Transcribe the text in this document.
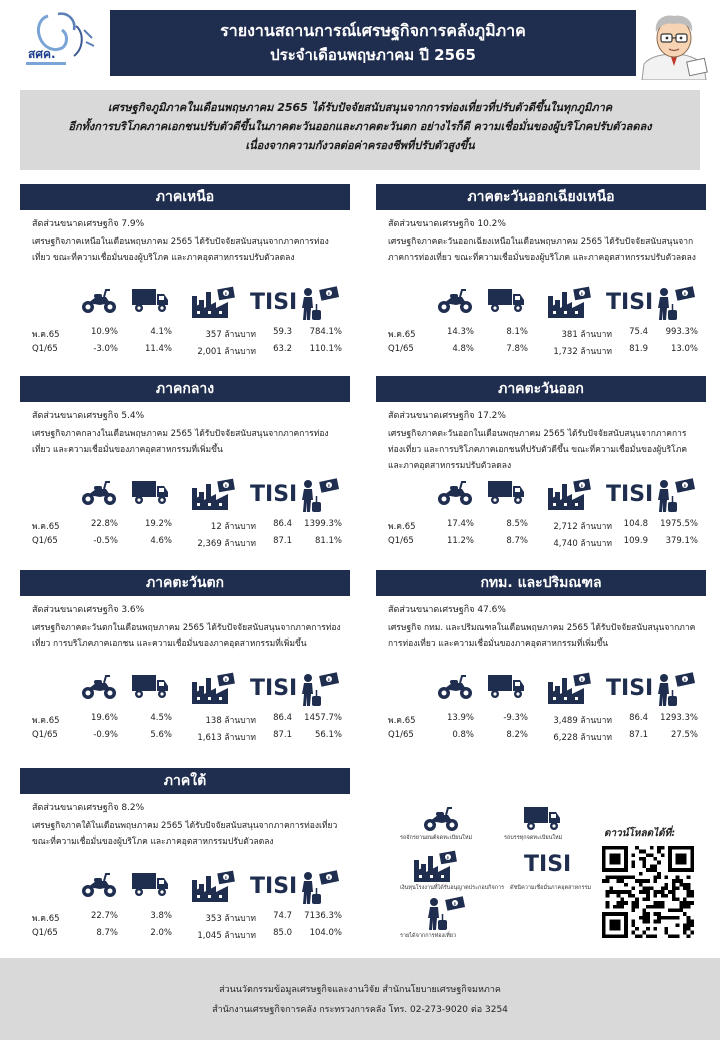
สศค.
รายงานสถานการณ์เศรษฐกิจการคลังภูมิภาค
ประจำเดือนพฤษภาคม ปี 2565
เศรษฐกิจภูมิภาคในเดือนพฤษภาคม 2565 ได้รับปัจจัยสนับสนุนจากการท่องเที่ยวที่ปรับตัวดีขึ้นในทุกภูมิภาค
อีกทั้งการบริโภคภาคเอกชนปรับตัวดีขึ้นในภาคตะวันออกและภาคตะวันตก อย่างไรก็ดี ความเชื่อมั่นของผู้บริโภคปรับตัวลดลง
เนื่องจากความกังวลต่อค่าครองชีพที่ปรับตัวสูงขึ้น
ภาคเหนือ
สัดส่วนขนาดเศรษฐกิจ 7.9%
เศรษฐกิจภาคเหนือในเดือนพฤษภาคม 2565 ได้รับปัจจัยสนับสนุนจากภาคการท่องเที่ยว ขณะที่ความเชื่อมั่นของผู้บริโภค และภาคอุตสาหกรรมปรับตัวลดลง
฿ TISI	฿
พ.ค.65	10.9%	4.1%	357 ล้านบาท	59.3	784.1%
Q1/65	-3.0%	11.4%	2,001 ล้านบาท	63.2	110.1%
ภาคตะวันออกเฉียงเหนือ
สัดส่วนขนาดเศรษฐกิจ 10.2%
เศรษฐกิจภาคตะวันออกเฉียงเหนือในเดือนพฤษภาคม 2565 ได้รับปัจจัยสนับสนุนจากภาคการท่องเที่ยว ขณะที่ความเชื่อมั่นของผู้บริโภค และภาคอุตสาหกรรมปรับตัวลดลง
฿ TISI	฿
พ.ค.65	14.3%	8.1%	381 ล้านบาท	75.4	993.3%
Q1/65	4.8%	7.8%	1,732 ล้านบาท	81.9	13.0%
ภาคกลาง
สัดส่วนขนาดเศรษฐกิจ 5.4%
เศรษฐกิจภาคกลางในเดือนพฤษภาคม 2565 ได้รับปัจจัยสนับสนุนจากภาคการท่องเที่ยว และความเชื่อมั่นของภาคอุตสาหกรรมที่เพิ่มขึ้น
฿ TISI	฿
พ.ค.65	22.8%	19.2%	12 ล้านบาท	86.4	1399.3%
Q1/65	-0.5%	4.6%	2,369 ล้านบาท	87.1	81.1%
ภาคตะวันออก
สัดส่วนขนาดเศรษฐกิจ 17.2%
เศรษฐกิจภาคตะวันออกในเดือนพฤษภาคม 2565 ได้รับปัจจัยสนับสนุนจากภาคการท่องเที่ยว และการบริโภคภาคเอกชนที่ปรับตัวดีขึ้น ขณะที่ความเชื่อมั่นของผู้บริโภค และภาคอุตสาหกรรมปรับตัวลดลง
฿ TISI	฿
พ.ค.65	17.4%	8.5%	2,712 ล้านบาท	104.8	1975.5%
Q1/65	11.2%	8.7%	4,740 ล้านบาท	109.9	379.1%
ภาคตะวันตก
สัดส่วนขนาดเศรษฐกิจ 3.6%
เศรษฐกิจภาคตะวันตกในเดือนพฤษภาคม 2565 ได้รับปัจจัยสนับสนุนจากภาคการท่องเที่ยว การบริโภคภาคเอกชน และความเชื่อมั่นของภาคอุตสาหกรรมที่เพิ่มขึ้น
฿ TISI	฿
พ.ค.65	19.6%	4.5%	138 ล้านบาท	86.4	1457.7%
Q1/65	-0.9%	5.6%	1,613 ล้านบาท	87.1	56.1%
กทม. และปริมณฑล
สัดส่วนขนาดเศรษฐกิจ 47.6%
เศรษฐกิจ กทม. และปริมณฑลในเดือนพฤษภาคม 2565 ได้รับปัจจัยสนับสนุนจากภาคการท่องเที่ยว และความเชื่อมั่นของภาคอุตสาหกรรมที่เพิ่มขึ้น
฿ TISI	฿
พ.ค.65	13.9%	-9.3%	3,489 ล้านบาท	86.4	1293.3%
Q1/65	0.8%	8.2%	6,228 ล้านบาท	87.1	27.5%
ภาคใต้
สัดส่วนขนาดเศรษฐกิจ 8.2%
เศรษฐกิจภาคใต้ในเดือนพฤษภาคม 2565 ได้รับปัจจัยสนับสนุนจากภาคการท่องเที่ยวขณะที่ความเชื่อมั่นของผู้บริโภค และภาคอุตสาหกรรมปรับตัวลดลง
฿ TISI	฿
พ.ค.65	22.7%	3.8%	353 ล้านบาท	74.7	7136.3%
Q1/65	8.7%	2.0%	1,045 ล้านบาท	85.0	104.0%
รถจักรยานยนต์จดทะเบียนใหม่	รถบรรทุกจดทะเบียนใหม่
฿
เงินทุนโรงงานที่ได้รับอนุญาตประกอบกิจการ
TISI
ดัชนีความเชื่อมั่นภาคอุตสาหกรรม
฿
รายได้จากการท่องเที่ยว
ดาวน์โหลดได้ที่:
ส่วนนวัตกรรมข้อมูลเศรษฐกิจและงานวิจัย สำนักนโยบายเศรษฐกิจมหภาค
สำนักงานเศรษฐกิจการคลัง กระทรวงการคลัง โทร. 02-273-9020 ต่อ 3254
